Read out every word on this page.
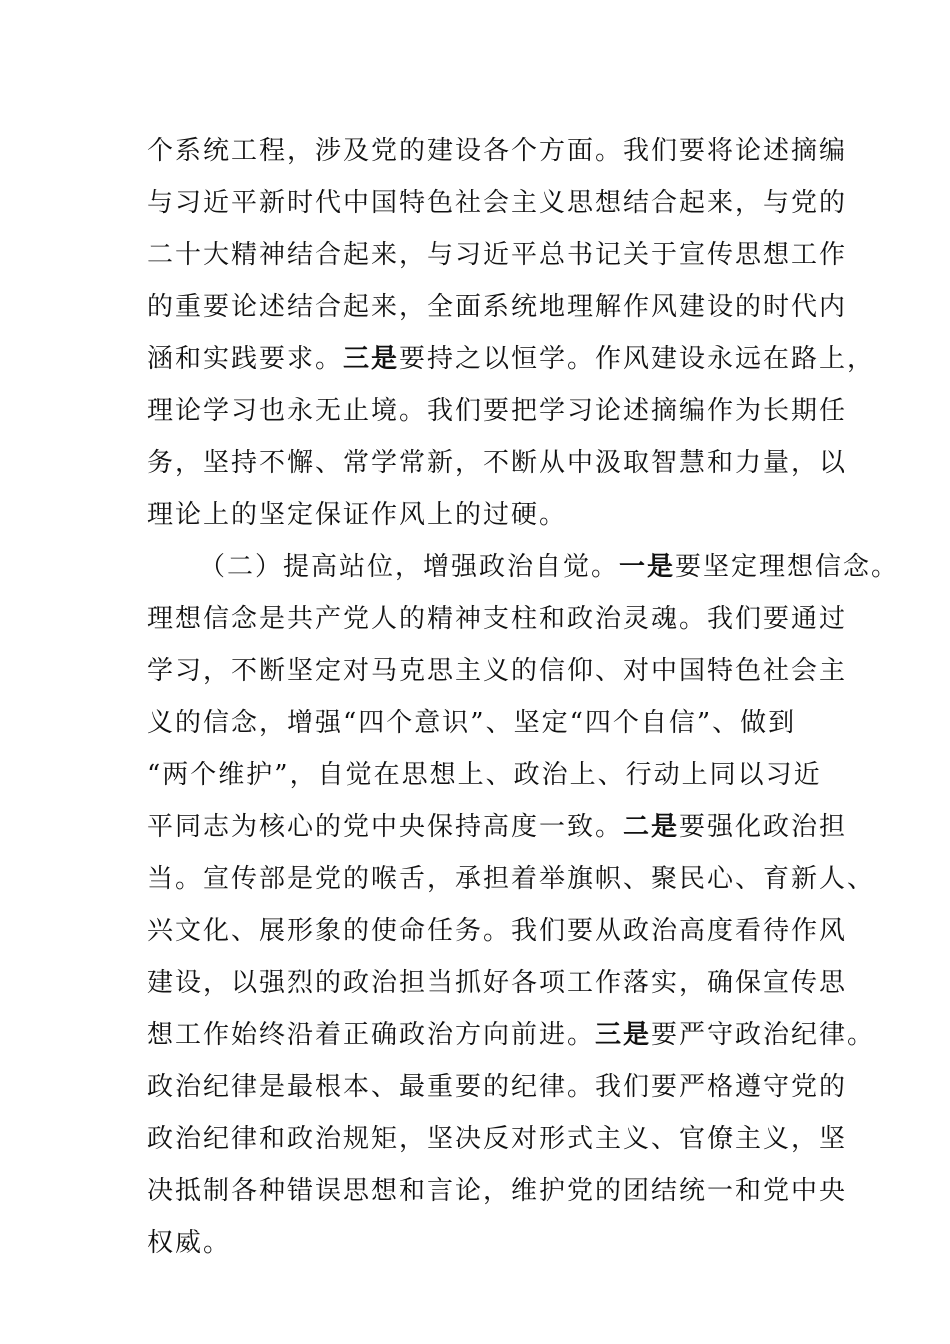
个系统工程，涉及党的建设各个方面。我们要将论述摘编
与习近平新时代中国特色社会主义思想结合起来，与党的
二十大精神结合起来，与习近平总书记关于宣传思想工作
的重要论述结合起来，全面系统地理解作风建设的时代内
涵和实践要求。三是要持之以恒学。作风建设永远在路上，
理论学习也永无止境。我们要把学习论述摘编作为长期任
务，坚持不懈、常学常新，不断从中汲取智慧和力量，以
理论上的坚定保证作风上的过硬。
（二）提高站位，增强政治自觉。一是要坚定理想信念。
理想信念是共产党人的精神支柱和政治灵魂。我们要通过
学习，不断坚定对马克思主义的信仰、对中国特色社会主
义的信念，增强“四个意识”、坚定“四个自信”、做到
“两个维护”，自觉在思想上、政治上、行动上同以习近
平同志为核心的党中央保持高度一致。二是要强化政治担
当。宣传部是党的喉舌，承担着举旗帜、聚民心、育新人、
兴文化、展形象的使命任务。我们要从政治高度看待作风
建设，以强烈的政治担当抓好各项工作落实，确保宣传思
想工作始终沿着正确政治方向前进。三是要严守政治纪律。
政治纪律是最根本、最重要的纪律。我们要严格遵守党的
政治纪律和政治规矩，坚决反对形式主义、官僚主义，坚
决抵制各种错误思想和言论，维护党的团结统一和党中央
权威。
